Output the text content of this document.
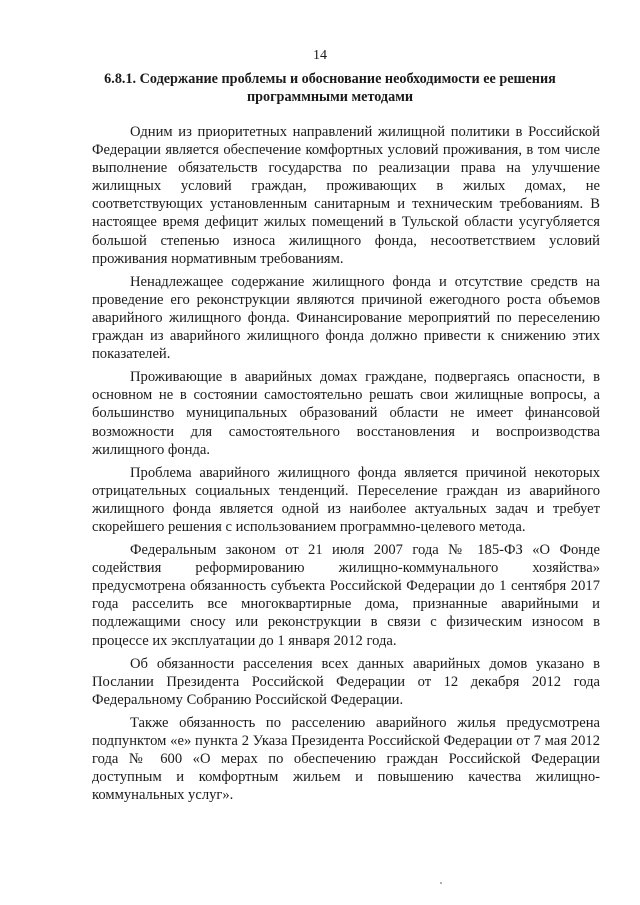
14
6.8.1. Содержание проблемы и обоснование необходимости ее решения программными методами

Одним из приоритетных направлений жилищной политики в Российской Федерации является обеспечение комфортных условий проживания, в том числе выполнение обязательств государства по реализации права на улучшение жилищных условий граждан, проживающих в жилых домах, не соответствующих установленным санитарным и техническим требованиям. В настоящее время дефицит жилых помещений в Тульской области усугубляется большой степенью износа жилищного фонда, несоответствием условий проживания нормативным требованиям.

Ненадлежащее содержание жилищного фонда и отсутствие средств на проведение его реконструкции являются причиной ежегодного роста объемов аварийного жилищного фонда. Финансирование мероприятий по переселению граждан из аварийного жилищного фонда должно привести к снижению этих показателей.

Проживающие в аварийных домах граждане, подвергаясь опасности, в основном не в состоянии самостоятельно решать свои жилищные вопросы, а большинство муниципальных образований области не имеет финансовой возможности для самостоятельного восстановления и воспроизводства жилищного фонда.

Проблема аварийного жилищного фонда является причиной некоторых отрицательных социальных тенденций. Переселение граждан из аварийного жилищного фонда является одной из наиболее актуальных задач и требует скорейшего решения с использованием программно-целевого метода.

Федеральным законом от 21 июля 2007 года № 185-ФЗ «О Фонде содействия реформированию жилищно-коммунального хозяйства» предусмотрена обязанность субъекта Российской Федерации до 1 сентября 2017 года расселить все многоквартирные дома, признанные аварийными и подлежащими сносу или реконструкции в связи с физическим износом в процессе их эксплуатации до 1 января 2012 года.

Об обязанности расселения всех данных аварийных домов указано в Послании Президента Российской Федерации от 12 декабря 2012 года Федеральному Собранию Российской Федерации.

Также обязанность по расселению аварийного жилья предусмотрена подпунктом «е» пункта 2 Указа Президента Российской Федерации от 7 мая 2012 года № 600 «О мерах по обеспечению граждан Российской Федерации доступным и комфортным жильем и повышению качества жилищно-коммунальных услуг».
